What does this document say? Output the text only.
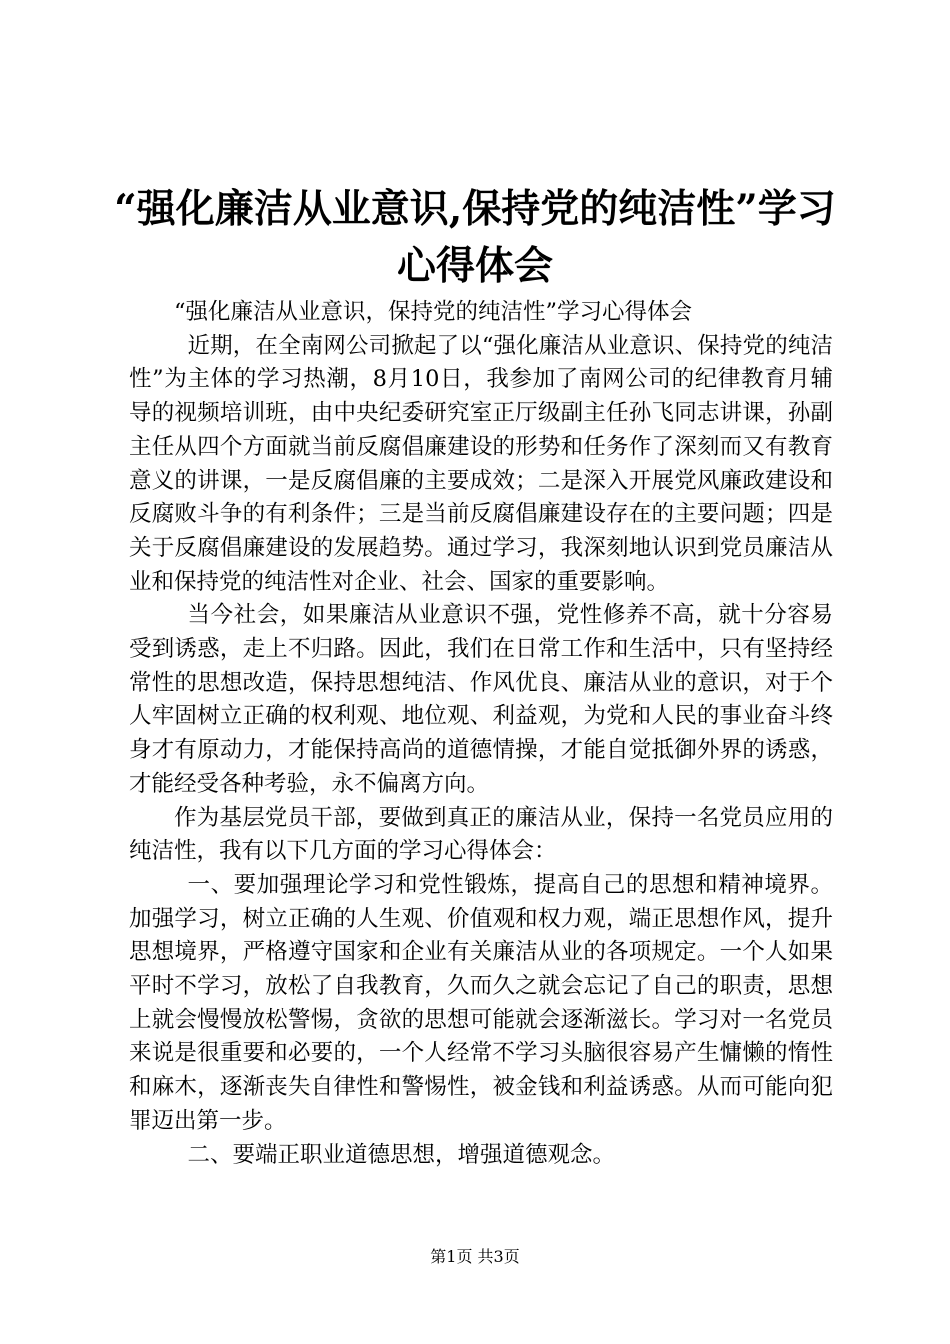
“强化廉洁从业意识,保持党的纯洁性”学习
心得体会

“强化廉洁从业意识，保持党的纯洁性”学习心得体会

近期，在全南网公司掀起了以“强化廉洁从业意识、保持党的纯洁性”为主体的学习热潮，8月10日，我参加了南网公司的纪律教育月辅导的视频培训班，由中央纪委研究室正厅级副主任孙飞同志讲课，孙副主任从四个方面就当前反腐倡廉建设的形势和任务作了深刻而又有教育意义的讲课，一是反腐倡廉的主要成效；二是深入开展党风廉政建设和反腐败斗争的有利条件；三是当前反腐倡廉建设存在的主要问题；四是关于反腐倡廉建设的发展趋势。通过学习，我深刻地认识到党员廉洁从业和保持党的纯洁性对企业、社会、国家的重要影响。

当今社会，如果廉洁从业意识不强，党性修养不高，就十分容易受到诱惑，走上不归路。因此，我们在日常工作和生活中，只有坚持经常性的思想改造，保持思想纯洁、作风优良、廉洁从业的意识，对于个人牢固树立正确的权利观、地位观、利益观，为党和人民的事业奋斗终身才有原动力，才能保持高尚的道德情操，才能自觉抵御外界的诱惑，才能经受各种考验，永不偏离方向。

作为基层党员干部，要做到真正的廉洁从业，保持一名党员应用的纯洁性，我有以下几方面的学习心得体会：

一、要加强理论学习和党性锻炼，提高自己的思想和精神境界。加强学习，树立正确的人生观、价值观和权力观，端正思想作风，提升思想境界，严格遵守国家和企业有关廉洁从业的各项规定。一个人如果平时不学习，放松了自我教育，久而久之就会忘记了自己的职责，思想上就会慢慢放松警惕，贪欲的思想可能就会逐渐滋长。学习对一名党员来说是很重要和必要的，一个人经常不学习头脑很容易产生慵懒的惰性和麻木，逐渐丧失自律性和警惕性，被金钱和利益诱惑。从而可能向犯罪迈出第一步。

二、要端正职业道德思想，增强道德观念。

第1页 共3页
